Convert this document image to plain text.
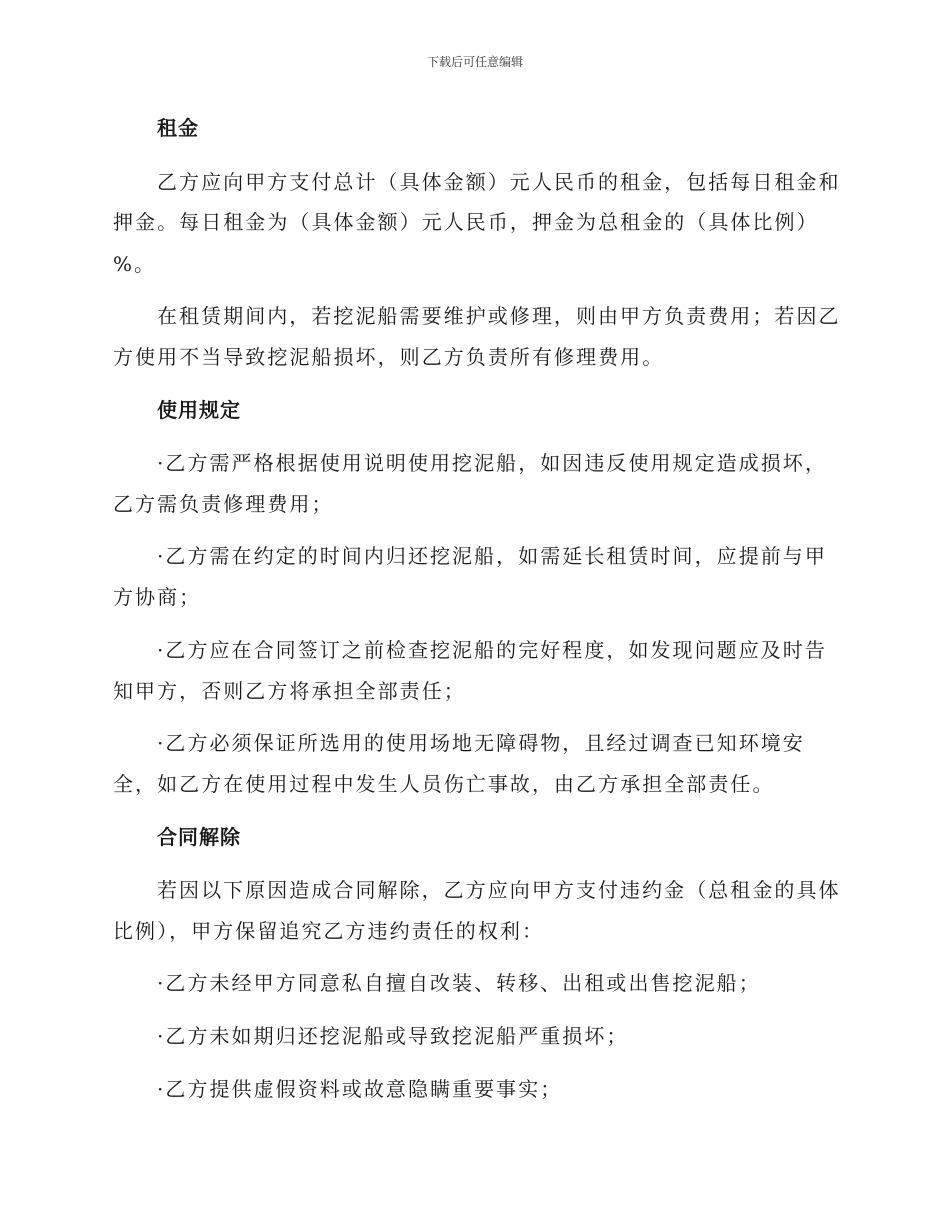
下载后可任意编辑
租金
乙方应向甲方支付总计（具体金额）元人民币的租金，包括每日租金和
押金。每日租金为（具体金额）元人民币，押金为总租金的（具体比例）
%。
在租赁期间内，若挖泥船需要维护或修理，则由甲方负责费用；若因乙
方使用不当导致挖泥船损坏，则乙方负责所有修理费用。
使用规定
·乙方需严格根据使用说明使用挖泥船，如因违反使用规定造成损坏，
乙方需负责修理费用；
·乙方需在约定的时间内归还挖泥船，如需延长租赁时间，应提前与甲
方协商；
·乙方应在合同签订之前检查挖泥船的完好程度，如发现问题应及时告
知甲方，否则乙方将承担全部责任；
·乙方必须保证所选用的使用场地无障碍物，且经过调查已知环境安
全，如乙方在使用过程中发生人员伤亡事故，由乙方承担全部责任。
合同解除
若因以下原因造成合同解除，乙方应向甲方支付违约金（总租金的具体
比例），甲方保留追究乙方违约责任的权利：
·乙方未经甲方同意私自擅自改装、转移、出租或出售挖泥船；
·乙方未如期归还挖泥船或导致挖泥船严重损坏；
·乙方提供虚假资料或故意隐瞒重要事实；
